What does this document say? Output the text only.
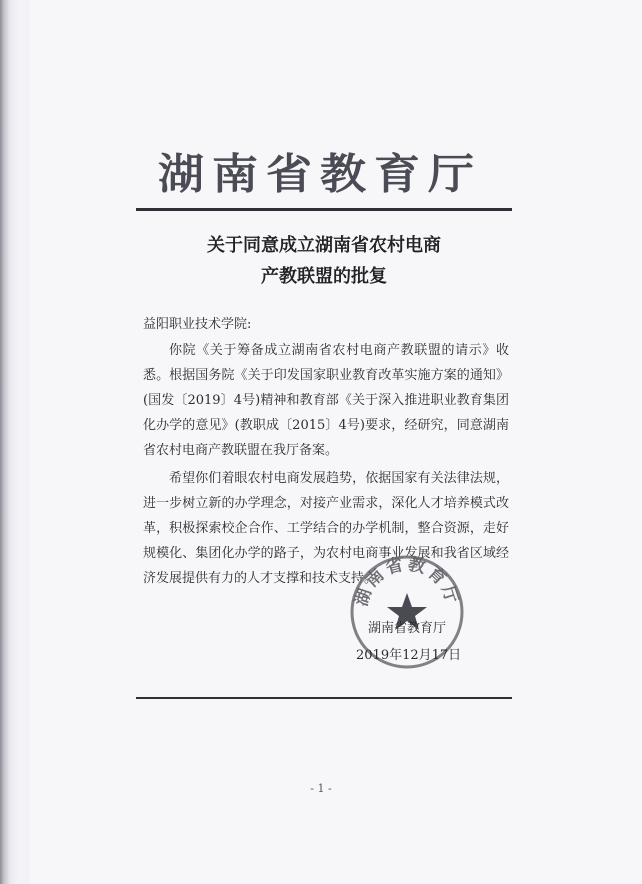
湖南省教育厅
关于同意成立湖南省农村电商
产教联盟的批复

益阳职业技术学院:

你院《关于筹备成立湖南省农村电商产教联盟的请示》收悉。根据国务院《关于印发国家职业教育改革实施方案的通知》(国发〔2019〕4号)精神和教育部《关于深入推进职业教育集团化办学的意见》(教职成〔2015〕4号)要求，经研究，同意湖南省农村电商产教联盟在我厅备案。

希望你们着眼农村电商发展趋势，依据国家有关法律法规，进一步树立新的办学理念，对接产业需求，深化人才培养模式改革，积极探索校企合作、工学结合的办学机制，整合资源，走好规模化、集团化办学的路子，为农村电商事业发展和我省区域经济发展提供有力的人才支撑和技术支持。

湖南省教育厅
湖南省教育厅
2019年12月17日
- 1 -
